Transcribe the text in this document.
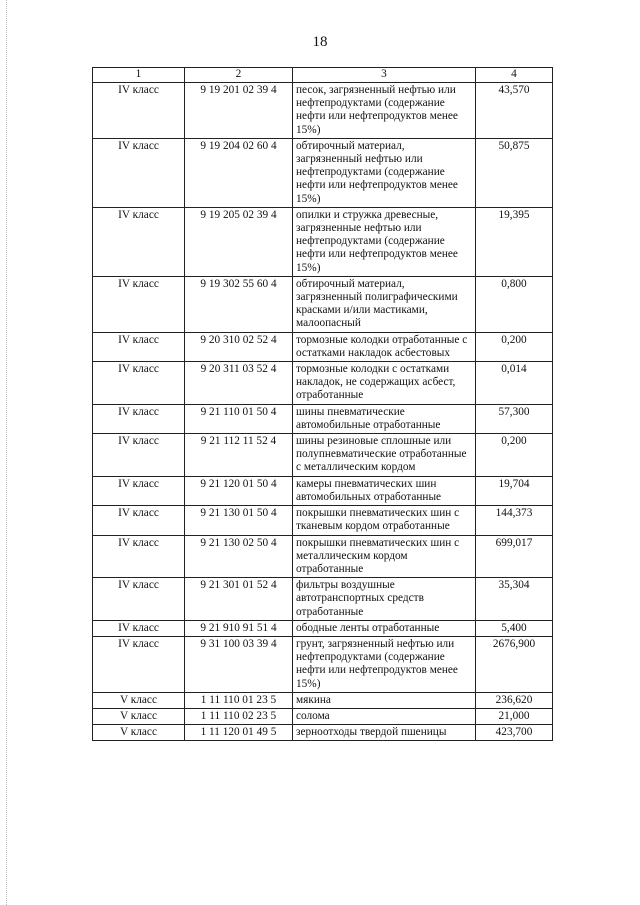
18
1	2	3	4
IV класс	9 19 201 02 39 4	песок, загрязненный нефтью или нефтепродуктами (содержание нефти или нефтепродуктов менее 15%)	43,570
IV класс	9 19 204 02 60 4	обтирочный материал, загрязненный нефтью или нефтепродуктами (содержание нефти или нефтепродуктов менее 15%)	50,875
IV класс	9 19 205 02 39 4	опилки и стружка древесные, загрязненные нефтью или нефтепродуктами (содержание нефти или нефтепродуктов менее 15%)	19,395
IV класс	9 19 302 55 60 4	обтирочный материал, загрязненный полиграфическими красками и/или мастиками, малоопасный	0,800
IV класс	9 20 310 02 52 4	тормозные колодки отработанные с остатками накладок асбестовых	0,200
IV класс	9 20 311 03 52 4	тормозные колодки с остатками накладок, не содержащих асбест, отработанные	0,014
IV класс	9 21 110 01 50 4	шины пневматические автомобильные отработанные	57,300
IV класс	9 21 112 11 52 4	шины резиновые сплошные или полупневматические отработанные с металлическим кордом	0,200
IV класс	9 21 120 01 50 4	камеры пневматических шин автомобильных отработанные	19,704
IV класс	9 21 130 01 50 4	покрышки пневматических шин с тканевым кордом отработанные	144,373
IV класс	9 21 130 02 50 4	покрышки пневматических шин с металлическим кордом отработанные	699,017
IV класс	9 21 301 01 52 4	фильтры воздушные автотранспортных средств отработанные	35,304
IV класс	9 21 910 91 51 4	ободные ленты отработанные	5,400
IV класс	9 31 100 03 39 4	грунт, загрязненный нефтью или нефтепродуктами (содержание нефти или нефтепродуктов менее 15%)	2676,900
V класс	1 11 110 01 23 5	мякина	236,620
V класс	1 11 110 02 23 5	солома	21,000
V класс	1 11 120 01 49 5	зерноотходы твердой пшеницы	423,700
